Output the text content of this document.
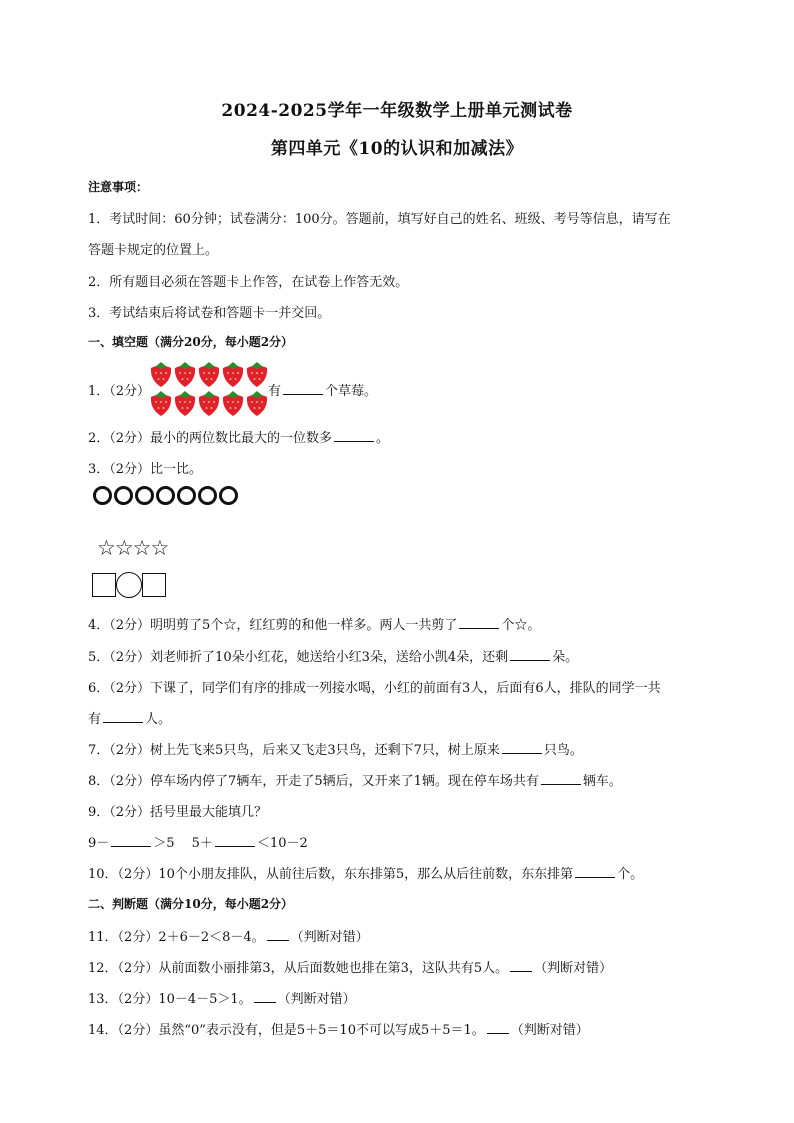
2024-2025学年一年级数学上册单元测试卷
第四单元《10的认识和加减法》
注意事项：
1．考试时间：60分钟；试卷满分：100分。答题前，填写好自己的姓名、班级、考号等信息，请写在
答题卡规定的位置上。
2．所有题目必须在答题卡上作答，在试卷上作答无效。
3．考试结束后将试卷和答题卡一并交回。
一、填空题（满分20分，每小题2分）
1．（2分）	有	个草莓。
2．（2分）最小的两位数比最大的一位数多	。
3．（2分）比一比。
☆☆☆☆
4．（2分）明明剪了5个☆，红红剪的和他一样多。两人一共剪了	个☆。
5．（2分）刘老师折了10朵小红花，她送给小红3朵，送给小凯4朵，还剩	朵。
6．（2分）下课了，同学们有序的排成一列接水喝，小红的前面有3人，后面有6人，排队的同学一共
有	人。
7．（2分）树上先飞来5只鸟，后来又飞走3只鸟，还剩下7只，树上原来	只鸟。
8．（2分）停车场内停了7辆车，开走了5辆后，又开来了1辆。现在停车场共有	辆车。
9．（2分）括号里最大能填几？
9－	＞5　 5＋	＜10－2
10．（2分）10个小朋友排队，从前往后数，东东排第5，那么从后往前数，东东排第	个。
二、判断题（满分10分，每小题2分）
11．（2分）2＋6－2＜8－4。 （判断对错）
12．（2分）从前面数小丽排第3，从后面数她也排在第3，这队共有5人。 （判断对错）
13．（2分）10－4－5＞1。 （判断对错）
14．（2分）虽然“0”表示没有，但是5＋5＝10不可以写成5＋5＝1。 （判断对错）
